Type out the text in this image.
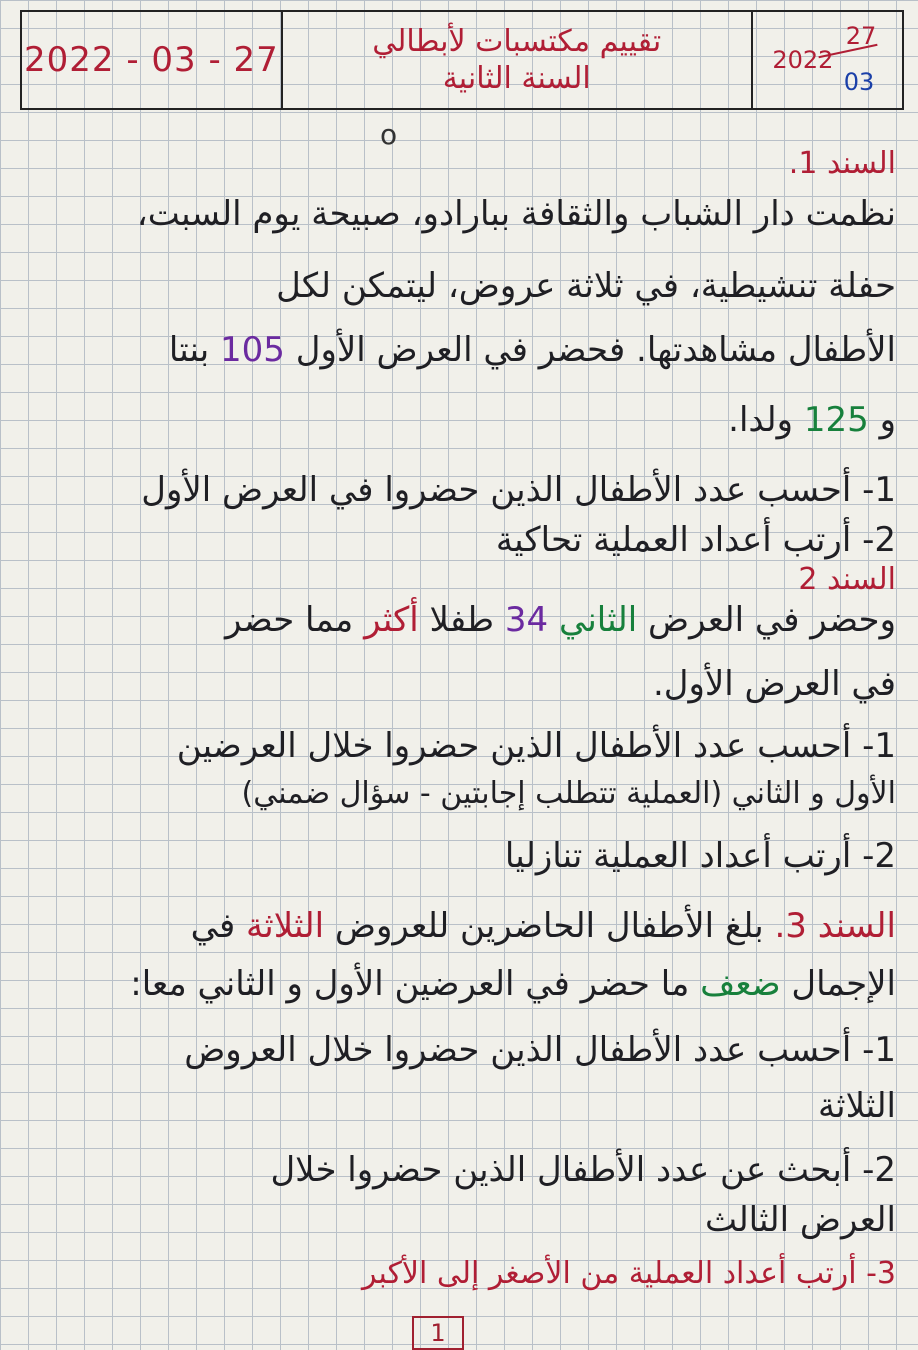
2022 - 03 - 27	تقييم مكتسبات لأبطالي
السنة الثانية
27
2022
03
o
السند 1.
نظمت دار الشباب والثقافة ببارادو، صبيحة يوم السبت،
حفلة تنشيطية، في ثلاثة عروض، ليتمكن لكل
الأطفال مشاهدتها. فحضر في العرض الأول 105 بنتا
و 125 ولدا.
1- أحسب عدد الأطفال الذين حضروا في العرض الأول
2- أرتب أعداد العملية تحاكية
السند 2
وحضر في العرض الثاني 34 طفلا أكثر مما حضر
في العرض الأول.
1- أحسب عدد الأطفال الذين حضروا خلال العرضين
الأول و الثاني (العملية تتطلب إجابتين - سؤال ضمني)
2- أرتب أعداد العملية تنازليا
السند 3. بلغ الأطفال الحاضرين للعروض الثلاثة في
الإجمال ضعف ما حضر في العرضين الأول و الثاني معا:
1- أحسب عدد الأطفال الذين حضروا خلال العروض
الثلاثة
2- أبحث عن عدد الأطفال الذين حضروا خلال
العرض الثالث
3- أرتب أعداد العملية من الأصغر إلى الأكبر
1
